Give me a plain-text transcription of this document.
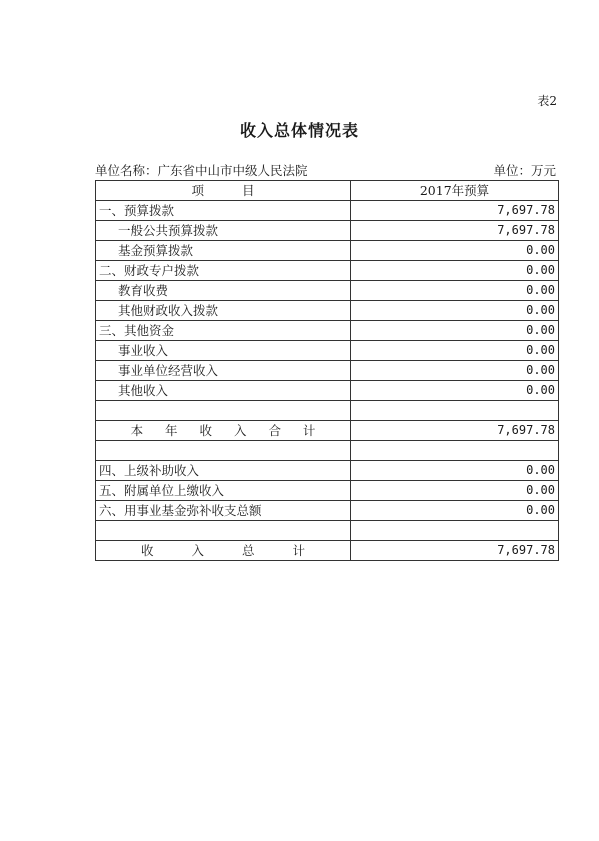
表2
收入总体情况表
单位名称：广东省中山市中级人民法院	单位：万元
项 目	2017年预算
一、预算拨款	7,697.78
一般公共预算拨款	7,697.78
基金预算拨款	0.00
二、财政专户拨款	0.00
教育收费	0.00
其他财政收入拨款	0.00
三、其他资金	0.00
事业收入	0.00
事业单位经营收入	0.00
其他收入	0.00

本 年 收 入 合 计	7,697.78

四、上级补助收入	0.00
五、附属单位上缴收入	0.00
六、用事业基金弥补收支总额	0.00

收 入 总 计	7,697.78
